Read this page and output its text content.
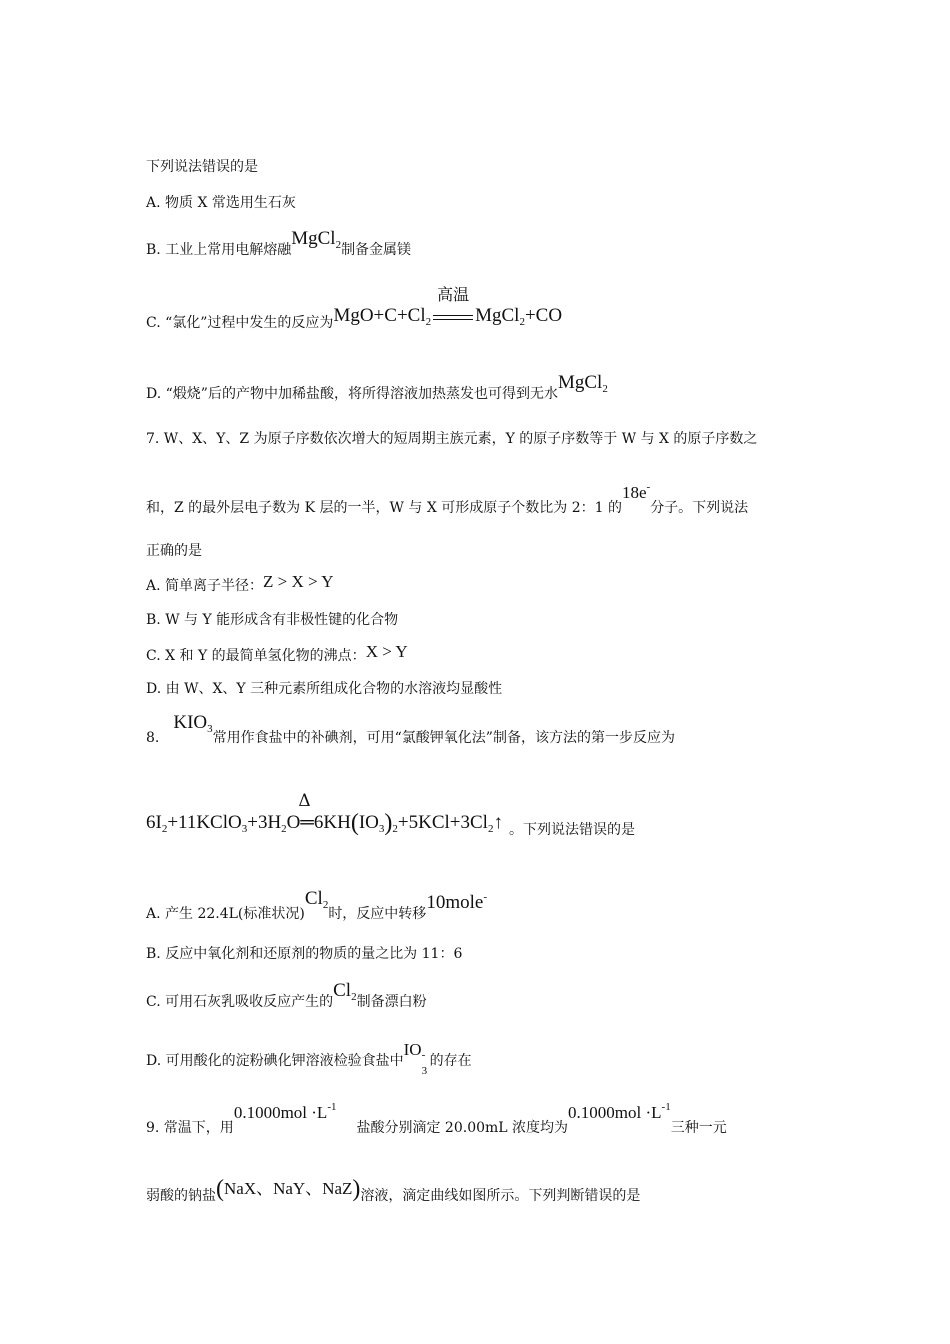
下列说法错误的是
A. 物质 X 常选用生石灰
B. 工业上常用电解熔融MgCl$_2$制备金属镁
C. “氯化”过程中发生的反应为$MgO+C+Cl_2$
高温
MgCl$_2$+CO
D. “煅烧”后的产物中加稀盐酸，将所得溶液加热蒸发也可得到无水MgCl$_2$
7. W、X、Y、Z 为原子序数依次增大的短周期主族元素，Y 的原子序数等于 W 与 X 的原子序数之
和，Z 的最外层电子数为 K 层的一半，W 与 X 可形成原子个数比为 2：1 的18e-分子。下列说法
正确的是
A. 简单离子半径：Z > X > Y
B. W 与 Y 能形成含有非极性键的化合物
C. X 和 Y 的最简单氢化物的沸点：X > Y
D. 由 W、X、Y 三种元素所组成化合物的水溶液均显酸性
$8.KIO_3$常用作食盐中的补碘剂，可用“氯酸钾氧化法”制备，该方法的第一步反应为
$6I_2+11KClO_3+3H_2O$
Δ
$═6KH(IO_3)_2+5KCl+3Cl_2↑$ 。下列说法错误的是
A. 产生 22.4L(标准状况)$Cl_2$时，反应中转移10mole-
B. 反应中氧化剂和还原剂的物质的量之比为 11：6
C. 可用石灰乳吸收反应产生的$Cl_2$制备漂白粉
D. 可用酸化的淀粉碘化钾溶液检验食盐中IO -
3
的存在
9. 常温下，用$0.1000mol \cdot L^{-1}$盐酸分别滴定 20.00mL 浓度均为$0.1000mol \cdot L^{-1}$三种一元
弱酸的钠盐(NaX、NaY、NaZ)溶液，滴定曲线如图所示。下列判断错误的是
